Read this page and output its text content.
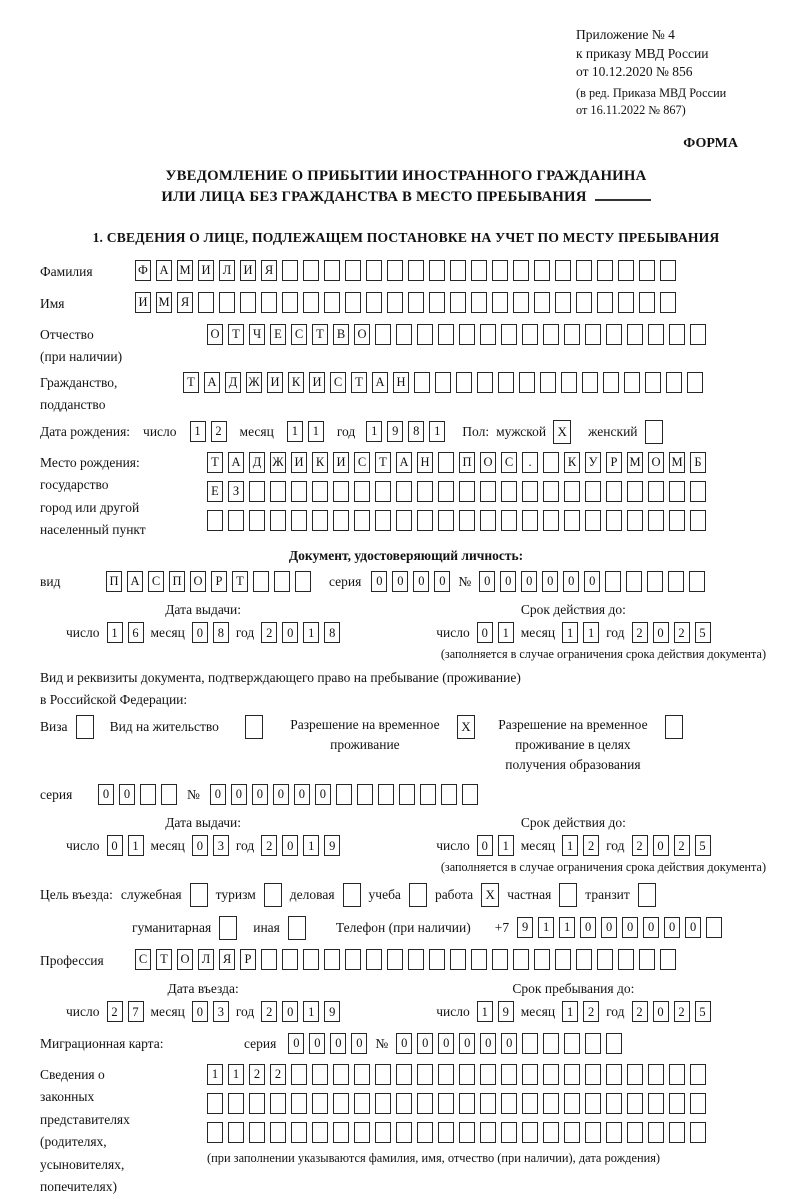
Приложение № 4
к приказу МВД России
от 10.12.2020 № 856
(в ред. Приказа МВД России
от 16.11.2022 № 867)
ФОРМА
УВЕДОМЛЕНИЕ О ПРИБЫТИИ ИНОСТРАННОГО ГРАЖДАНИНА
ИЛИ ЛИЦА БЕЗ ГРАЖДАНСТВА В МЕСТО ПРЕБЫВАНИЯ
1. СВЕДЕНИЯ О ЛИЦЕ, ПОДЛЕЖАЩЕМ ПОСТАНОВКЕ НА УЧЕТ ПО МЕСТУ ПРЕБЫВАНИЯ
Фамилия	Ф А М И Л И Я
Имя	И М Я
Отчество
(при наличии)
О	Т	Ч	Е	С	Т	В О
Гражданство,
подданство
Т	А Д Ж И К И С	Т	А Н
Дата рождения: число	1	2	месяц	1	1	год	1	9	8	1	Пол: мужской X	женский
Место рождения:
государство
город или другой
населенный пункт
Т	А Д Ж И К И С	Т	А Н	П О С	.	К У	Р М О М Б
Е	З
Документ, удостоверяющий личность:
вид	П А С П О	Р	Т	серия	0	0	0	0 №	0	0	0	0	0	0
Дата выдачи:
число 1	6 месяц 0	8 год 2	0	1	8
Срок действия до:
число 0	1 месяц 1	1 год 2	0	2	5
(заполняется в случае ограничения срока действия документа)
Вид и реквизиты документа, подтверждающего право на пребывание (проживание)
в Российской Федерации:
Виза	Вид на жительство	Разрешение на временное
проживание
X	Разрешение на временное
проживание в целях
получения образования
серия	0	0	№	0	0	0	0	0	0
Дата выдачи:
число 0	1 месяц 0	3 год 2	0	1	9
Срок действия до:
число 0	1 месяц 1	2 год 2	0	2	5
(заполняется в случае ограничения срока действия документа)
Цель въезда: служебная	туризм	деловая	учеба	работа X частная	транзит
гуманитарная	иная	Телефон (при наличии) +7	9	1	1	0	0	0	0	0	0
Профессия	С	Т	О Л	Я	Р
Дата въезда:
число 2	7 месяц 0	3 год 2	0	1	9
Срок пребывания до:
число 1	9 месяц 1	2 год 2	0	2	5
Миграционная карта:	серия	0	0	0	0 №	0	0	0	0	0	0
Сведения о
законных
представителях
(родителях,
усыновителях,
попечителях)
1	1	2	2
(при заполнении указываются фамилия, имя, отчество (при наличии), дата рождения)
